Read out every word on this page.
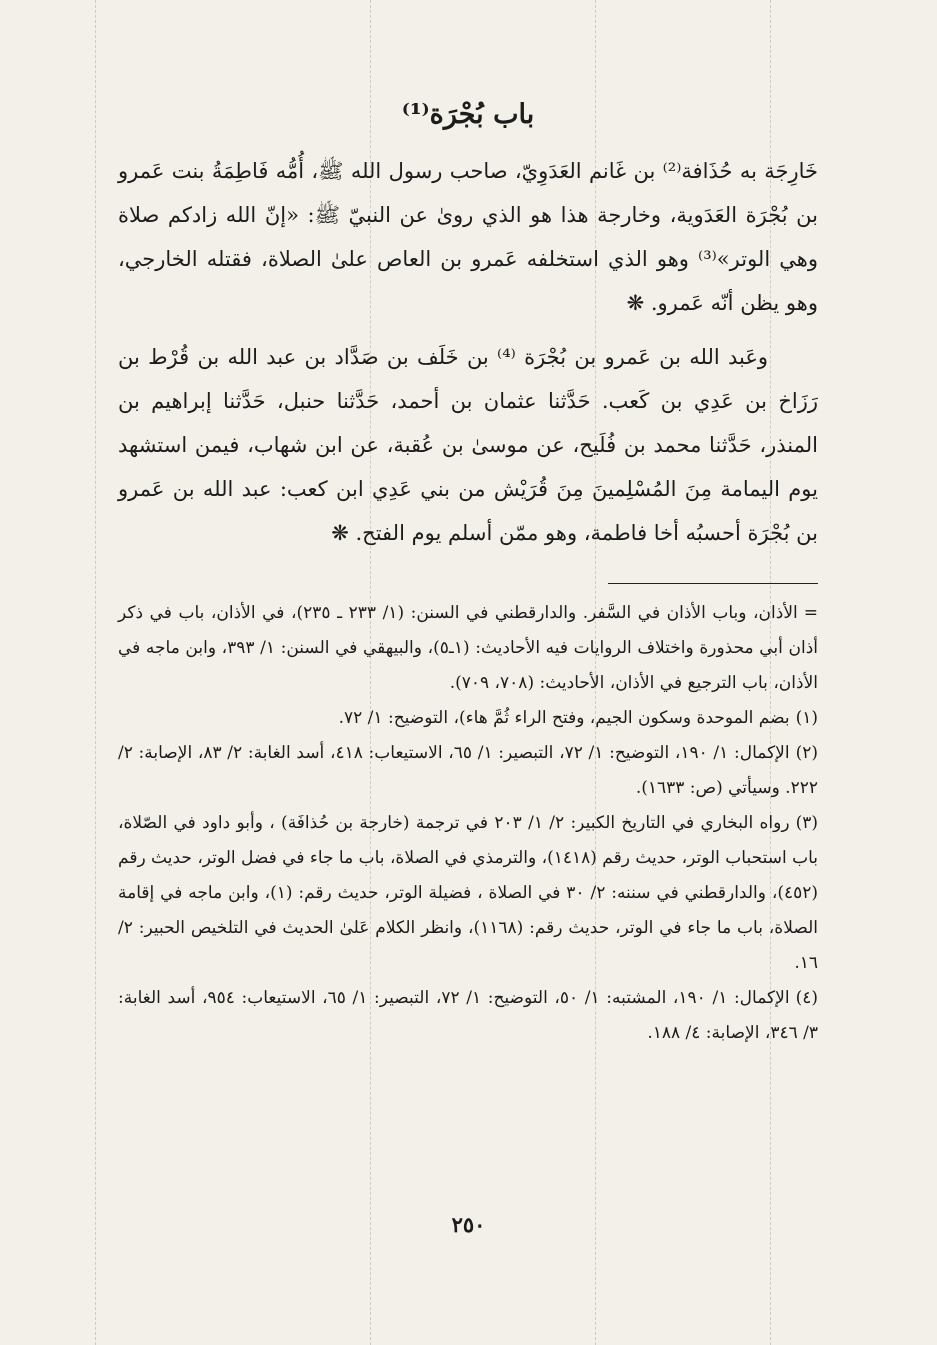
باب بُجْرَة⁽¹⁾

خَارِجَة به حُذَافة⁽²⁾ بن غَانم العَدَوِيّ، صاحب رسول الله ﷺ، أُمُّه فَاطِمَةُ بنت عَمرو بن بُجْرَة العَدَوية، وخارجة هذا هو الذي روىٰ عن النبيّ ﷺ: «إنّ الله زادكم صلاة وهي الوتر»⁽³⁾ وهو الذي استخلفه عَمرو بن العاص علىٰ الصلاة، فقتله الخارجي، وهو يظن أنّه عَمرو. ❋

وعَبد الله بن عَمرو بن بُجْرَة ⁽⁴⁾ بن خَلَف بن صَدَّاد بن عبد الله بن قُرْط بن رَزَاخ بن عَدِي بن كَعب. حَدَّثنا عثمان بن أحمد، حَدَّثنا حنبل، حَدَّثنا إبراهيم بن المنذر، حَدَّثنا محمد بن فُلَيح، عن موسىٰ بن عُقبة، عن ابن شهاب، فيمن استشهد يوم اليمامة مِنَ المُسْلِمينَ مِنَ قُرَيْش من بني عَدِي ابن كعب: عبد الله بن عَمرو بن بُجْرَة أحسبُه أخا فاطمة، وهو ممّن أسلم يوم الفتح. ❋

=الأذان، وباب الأذان في السَّفر. والدارقطني في السنن: (١/ ٢٣٣ ـ ٢٣٥)، في الأذان، باب في ذكر أذان أبي محذورة واختلاف الروايات فيه الأحاديث: (١ـ٥)، والبيهقي في السنن: ١/ ٣٩٣، وابن ماجه في الأذان، باب الترجيع في الأذان، الأحاديث: (٧٠٨، ٧٠٩).

(١)بضم الموحدة وسكون الجيم، وفتح الراء ثُمَّ هاء)، التوضيح: ١/ ٧٢.

(٢)الإكمال: ١/ ١٩٠، التوضيح: ١/ ٧٢، التبصير: ١/ ٦٥، الاستيعاب: ٤١٨، أسد الغابة: ٢/ ٨٣، الإصابة: ٢/ ٢٢٢. وسيأتي (ص: ١٦٣٣).

(٣)رواه البخاري في التاريخ الكبير: ٢/ ١/ ٢٠٣ في ترجمة (خارجة بن حُذافَة) ، وأبو داود في الصّلاة، باب استحباب الوتر، حديث رقم (١٤١٨)، والترمذي في الصلاة، باب ما جاء في فضل الوتر، حديث رقم (٤٥٢)، والدارقطني في سننه: ٢/ ٣٠ في الصلاة ، فضيلة الوتر، حديث رقم: (١)، وابن ماجه في إقامة الصلاة، باب ما جاء في الوتر، حديث رقم: (١١٦٨)، وانظر الكلام عَلىٰ الحديث في التلخيص الحبير: ٢/ ١٦.

(٤)الإكمال: ١/ ١٩٠، المشتبه: ١/ ٥٠، التوضيح: ١/ ٧٢، التبصير: ١/ ٦٥، الاستيعاب: ٩٥٤، أسد الغابة: ٣/ ٣٤٦، الإصابة: ٤/ ١٨٨.

٢٥٠
